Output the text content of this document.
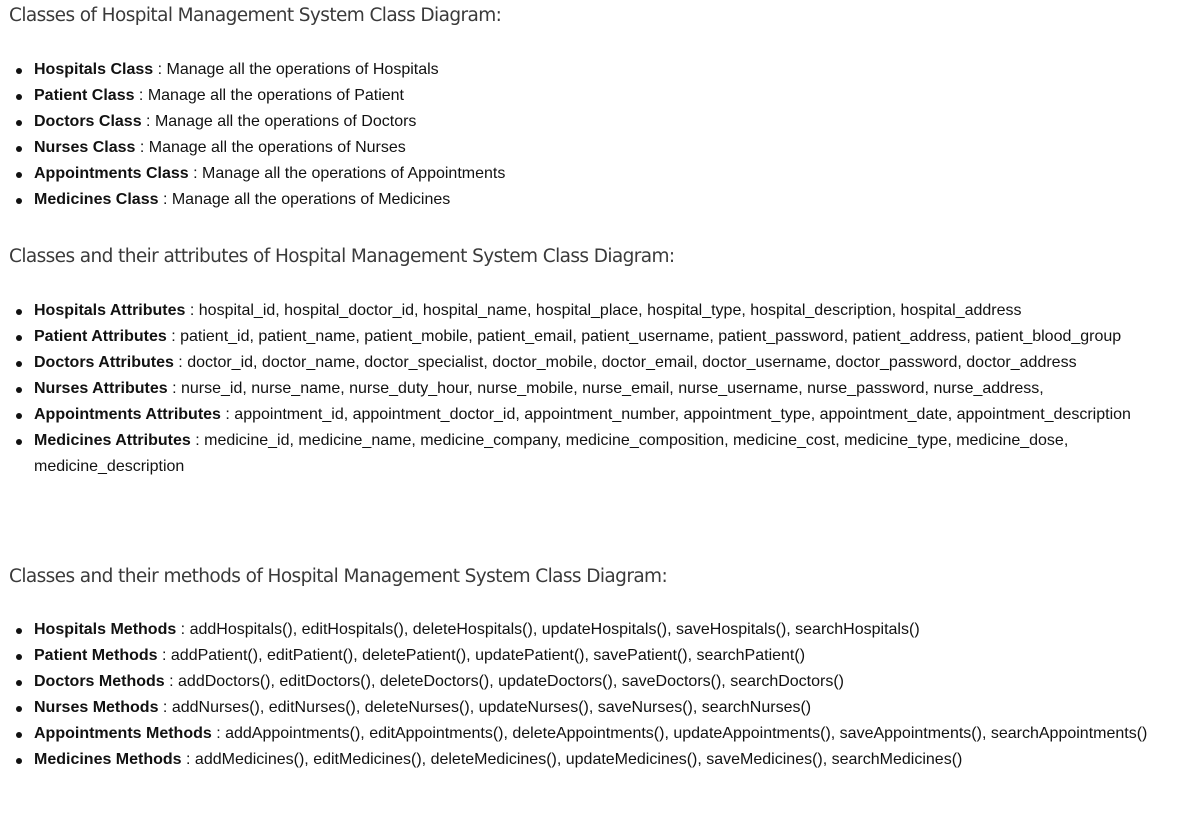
Classes of Hospital Management System Class Diagram:
Hospitals Class : Manage all the operations of Hospitals
Patient Class : Manage all the operations of Patient
Doctors Class : Manage all the operations of Doctors
Nurses Class : Manage all the operations of Nurses
Appointments Class : Manage all the operations of Appointments
Medicines Class : Manage all the operations of Medicines
Classes and their attributes of Hospital Management System Class Diagram:
Hospitals Attributes : hospital_id, hospital_doctor_id, hospital_name, hospital_place, hospital_type, hospital_description, hospital_address
Patient Attributes : patient_id, patient_name, patient_mobile, patient_email, patient_username, patient_password, patient_address, patient_blood_group
Doctors Attributes : doctor_id, doctor_name, doctor_specialist, doctor_mobile, doctor_email, doctor_username, doctor_password, doctor_address
Nurses Attributes : nurse_id, nurse_name, nurse_duty_hour, nurse_mobile, nurse_email, nurse_username, nurse_password, nurse_address,
Appointments Attributes : appointment_id, appointment_doctor_id, appointment_number, appointment_type, appointment_date, appointment_description
Medicines Attributes : medicine_id, medicine_name, medicine_company, medicine_composition, medicine_cost, medicine_type, medicine_dose, medicine_description
Classes and their methods of Hospital Management System Class Diagram:
Hospitals Methods : addHospitals(), editHospitals(), deleteHospitals(), updateHospitals(), saveHospitals(), searchHospitals()
Patient Methods : addPatient(), editPatient(), deletePatient(), updatePatient(), savePatient(), searchPatient()
Doctors Methods : addDoctors(), editDoctors(), deleteDoctors(), updateDoctors(), saveDoctors(), searchDoctors()
Nurses Methods : addNurses(), editNurses(), deleteNurses(), updateNurses(), saveNurses(), searchNurses()
Appointments Methods : addAppointments(), editAppointments(), deleteAppointments(), updateAppointments(), saveAppointments(), searchAppointments()
Medicines Methods : addMedicines(), editMedicines(), deleteMedicines(), updateMedicines(), saveMedicines(), searchMedicines()
